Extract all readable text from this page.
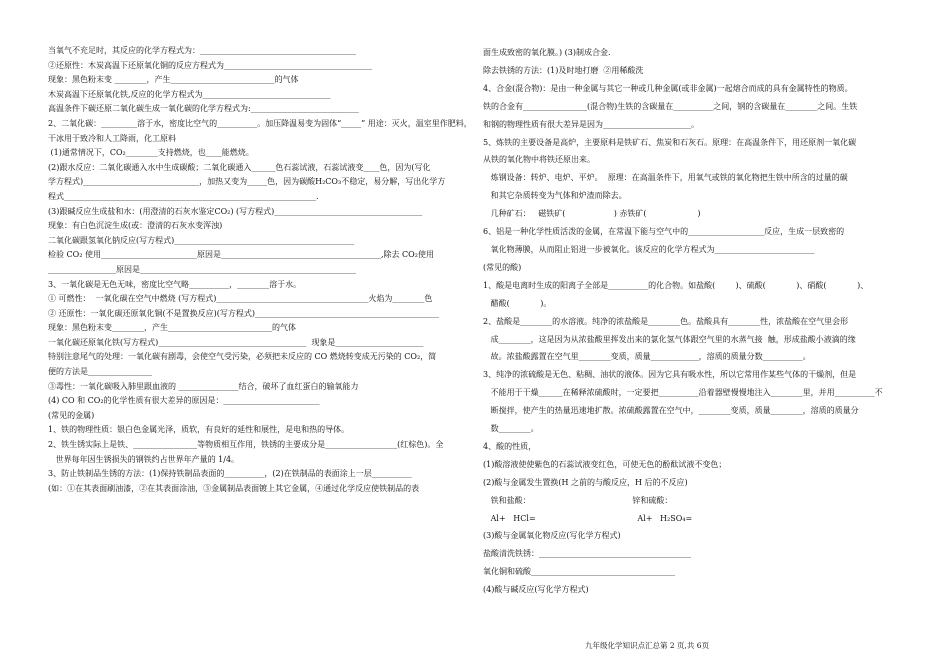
当氧气不充足时，其反应的化学方程式为：_______________________________________
②还原性：木炭高温下还原氧化铜的反应方程式为_____________________________________
现象：黑色粉末变 ________，产生__________________________的气体
木炭高温下还原氧化铁,反应的化学方程式为________________________________
高温条件下碳还原二氧化碳生成一氧化碳的化学方程式为:___________________________
2、二氧化碳：_________溶于水，密度比空气的__________。加压降温易变为固体“_____” 用途：灭火，温室里作肥料，
干冰用于致冷和人工降雨，化工原料
(1)通常情况下，CO₂________支持燃烧，也____能燃烧。
(2)跟水反应：二氧化碳通入水中生成碳酸；二氧化碳通入______色石蕊试液，石蕊试液变____色，因为(写化
学方程式)_____________________________，加热又变为_____色，因为碳酸H₂CO₃不稳定，易分解，写出化学方
程式_______________________________________________________________.
(3)跟碱反应生成盐和水：(用澄清的石灰水鉴定CO₂) (写方程式)_____________________________________
现象：有白色沉淀生成(或：澄清的石灰水变浑浊)
二氧化碳跟氢氧化钠反应(写方程式)_____________________________________________
检验 CO₂ 使用________________________原因是________________________________________,除去 CO₂使用
_________________原因是______________________________________________________
3、一氧化碳是无色无味，密度比空气略__________，________溶于水。
① 可燃性：  一氧化碳在空气中燃烧 (写方程式)______________________________________火焰为________色
② 还原性：一氧化碳还原氧化铜(不是置换反应)(写方程式)______________________________________________
现象：黑色粉末变________，产生__________________________的气体
一氧化碳还原氧化铁(写方程式)_____________________________________  现象是______________________
特别注意尾气的处理：一氧化碳有剧毒，会使空气受污染，必须把未反应的 CO 燃烧转变成无污染的 CO₂，简
便的方法是________________
③毒性：一氧化碳吸入肺里跟血液的 _______________结合，破坏了血红蛋白的输氧能力
(4) CO 和 CO₂的化学性质有很大差异的原因是：________________________
(常见的金属)
1、铁的物理性质：银白色金属光泽，质软，有良好的延性和展性，是电和热的导体。
2、铁生锈实际上是铁、________________等物质相互作用，铁锈的主要成分是__________________(红棕色)。全
世界每年因生锈损失的钢铁约占世界年产量的 1/4。
3、防止铁制品生锈的方法：(1)保持铁制品表面的__________，(2)在铁制品的表面涂上一层__________
(如：①在其表面刷油漆，②在其表面涂油，③金属制品表面镀上其它金属，④通过化学反应使铁制品的表
面生成致密的氧化膜。) (3)制成合金.
除去铁锈的方法：(1)及时地打磨  ②用稀酸洗
4、合金(混合物)：是由一种金属与其它一种或几种金属(或非金属)一起熔合而成的具有金属特性的物质。
铁的合金有________________(混合物)生铁的含碳量在__________之间，钢的含碳量在________之间。生铁
和钢的物理性质有很大差异是因为______________________。
5、炼铁的主要设备是高炉，主要原料是铁矿石、焦炭和石灰石。原理：在高温条件下，用还原剂一氧化碳
从铁的氧化物中将铁还原出来。
炼钢设备：转炉、电炉、平炉。  原理：在高温条件下，用氧气或铁的氧化物把生铁中所含的过量的碳
和其它杂质转变为气体和炉渣而除去。
几种矿石：   磁铁矿(                   ) 赤铁矿(                    )
6、铝是一种化学性质活泼的金属，在常温下能与空气中的___________________反应，生成一层致密的
氧化物薄膜，从而阻止铝进一步被氧化。该反应的化学方程式为_________________________
(常见的酸)
1、酸是电离时生成的阳离子全部是__________的化合物。如盐酸(        )、硫酸(            )、硝酸(            )、
醋酸(            )。
2、盐酸是________的水溶液。纯净的浓盐酸是________色。盐酸具有________性，浓盐酸在空气里会形
成________，这是因为从浓盐酸里挥发出来的氯化氢气体跟空气里的水蒸气接  触，形成盐酸小液滴的缘
故。浓盐酸露置在空气里________变质，质量____________，溶质的质量分数__________。
3、纯净的浓硫酸是无色、粘稠、油状的液体。因为它具有吸水性，所以它常用作某些气体的干燥剂，但是
不能用于干燥______在稀释浓硫酸时，一定要把__________沿着器壁慢慢地注入________里，并用__________不
断搅拌，使产生的热量迅速地扩散。浓硫酸露置在空气中，________变质，质量________，溶质的质量分
数________。
4、酸的性质，
(1)酸溶液使使紫色的石蕊试液变红色，可使无色的酚酞试液不变色；
(2)酸与金属发生置换(H 之前的与酸反应，H 后的不反应)
铁和盐酸：                                        锌和硫酸：
Al+   HCl=                                        Al+   H₂SO₄=
(3)酸与金属氧化物反应(写化学方程式)
盐酸清洗铁锈：______________________________________
氧化铜和硫酸____________________________________
(4)酸与碱反应(写化学方程式)
九年级化学知识点汇总第 2 页,共 6页
